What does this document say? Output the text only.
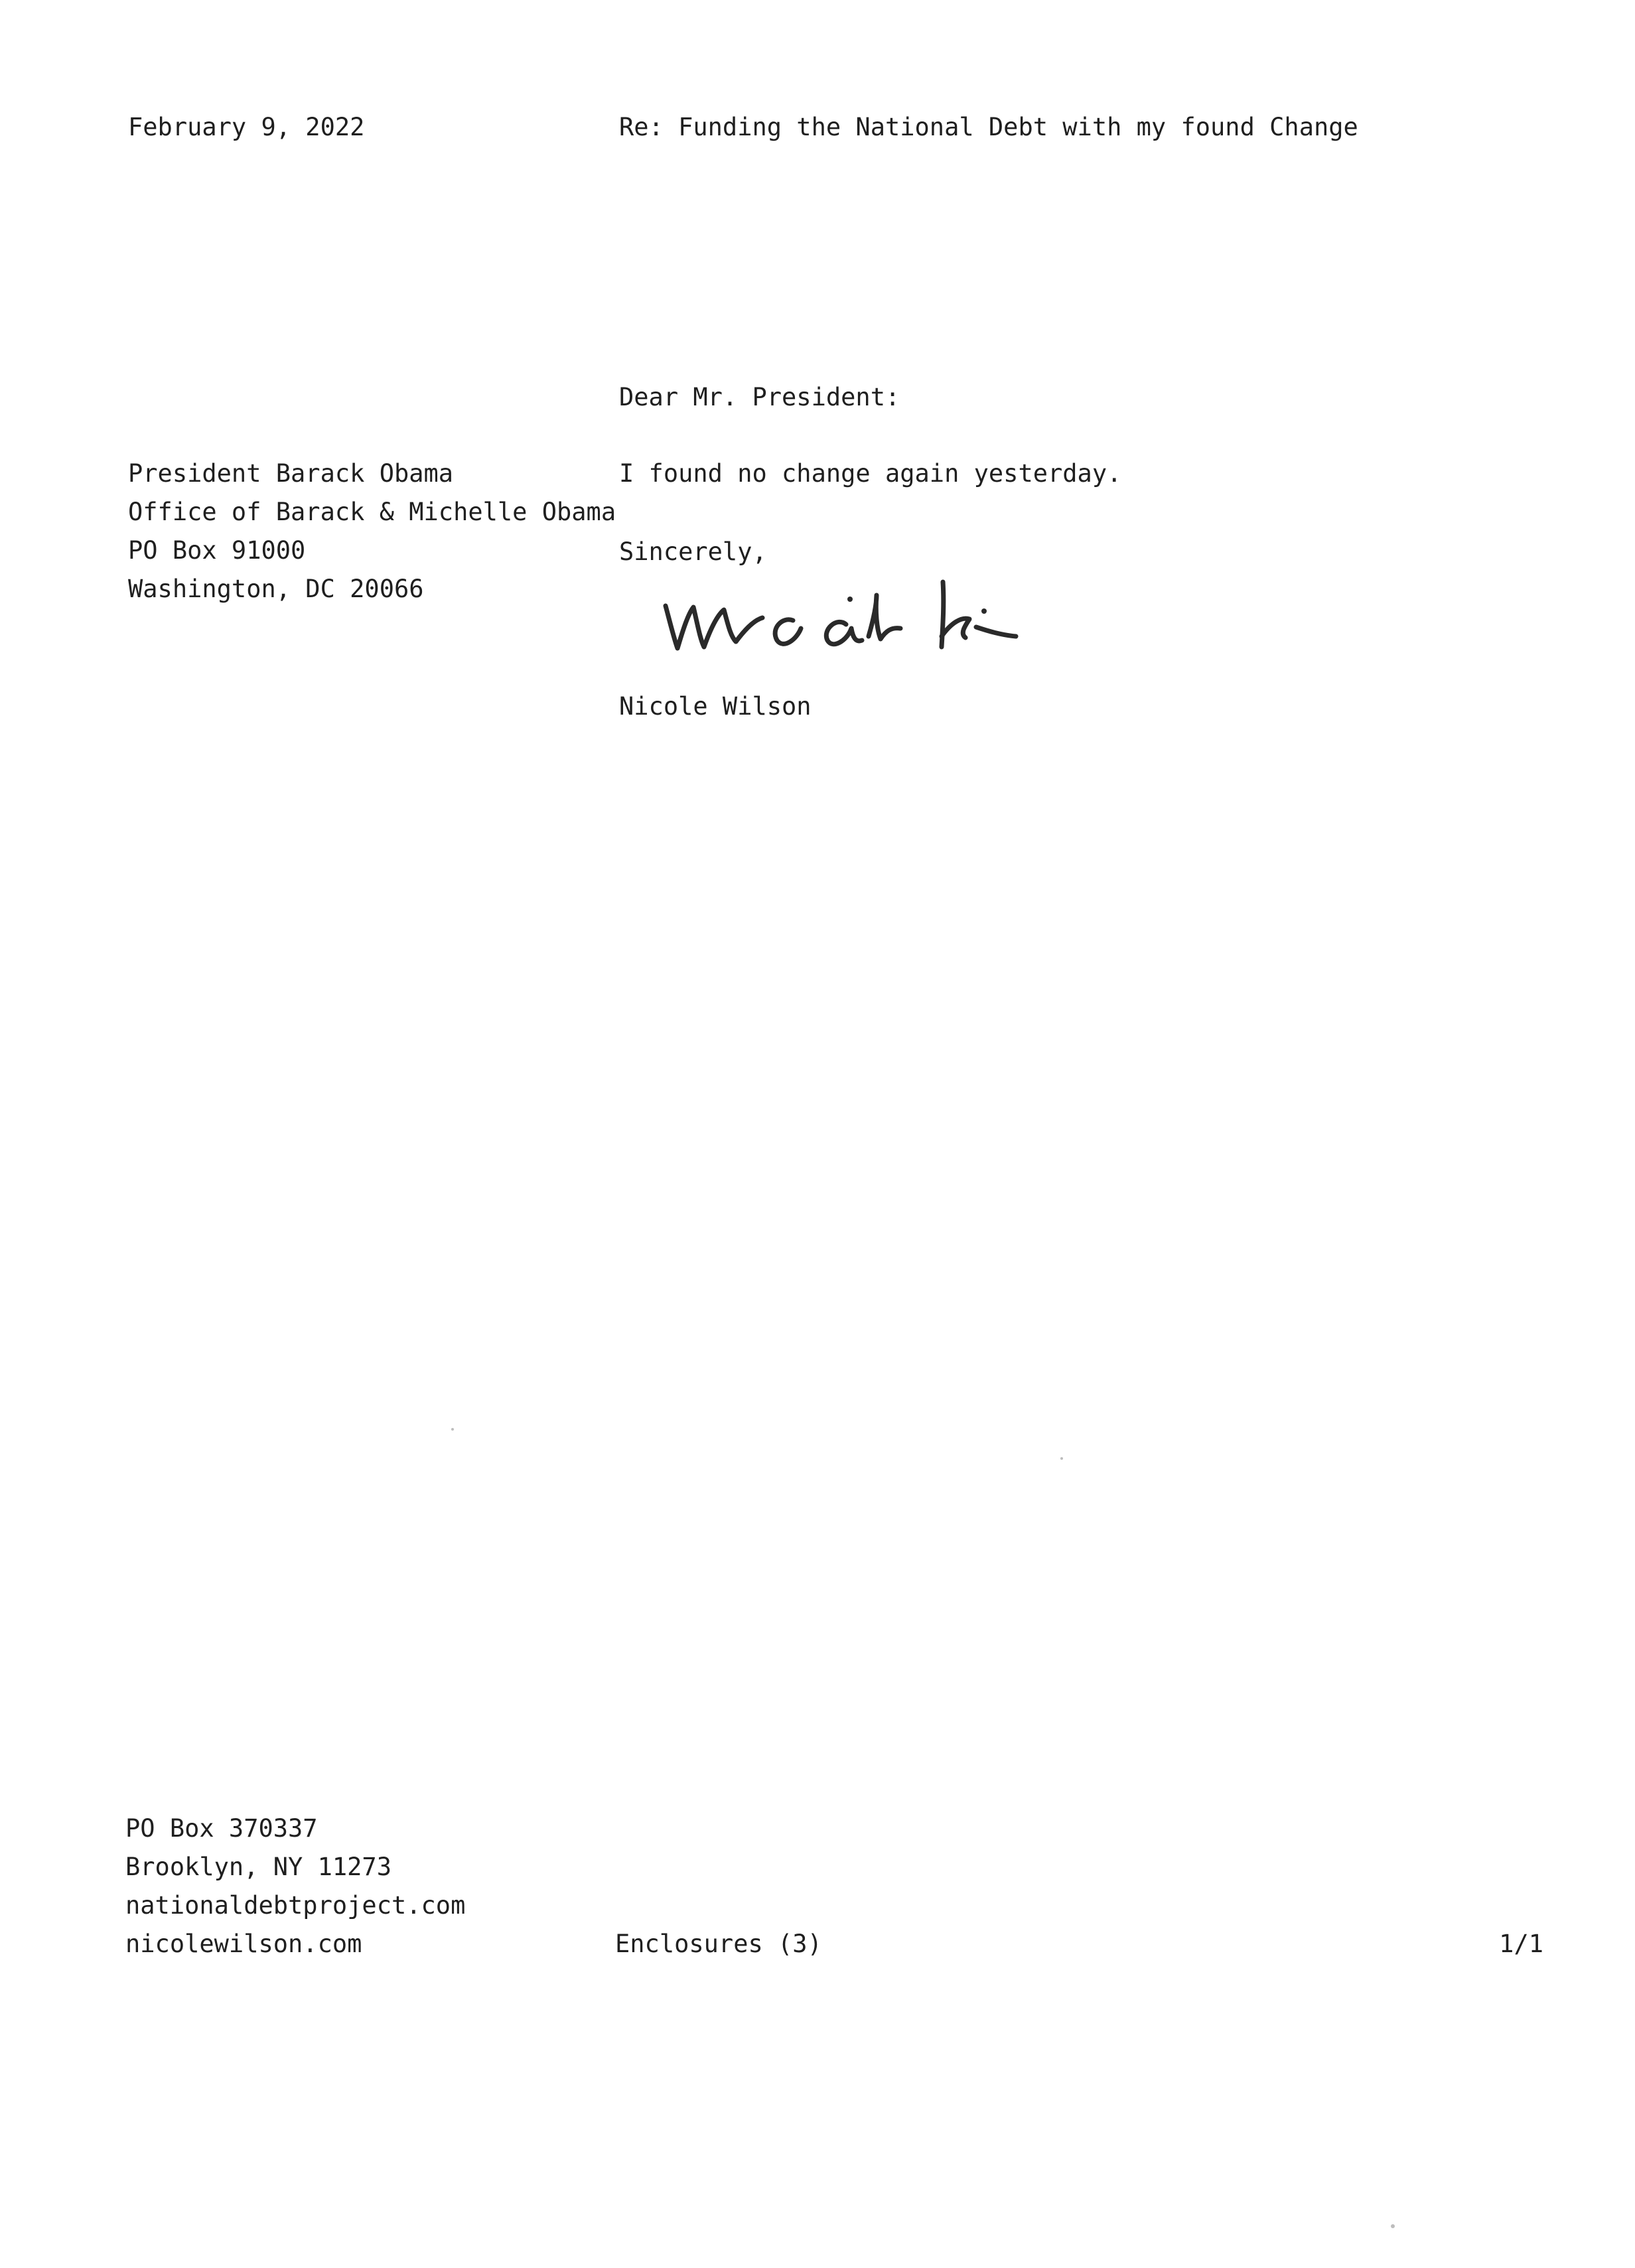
February 9, 2022	Re: Funding the National Debt with my found Change
Dear Mr. President:
President Barack Obama
Office of Barack & Michelle Obama
PO Box 91000
Washington, DC 20066
I found no change again yesterday.
Sincerely,
Nicole Wilson
PO Box 370337
Brooklyn, NY 11273
nationaldebtproject.com
nicolewilson.com	Enclosures (3)	1/1
